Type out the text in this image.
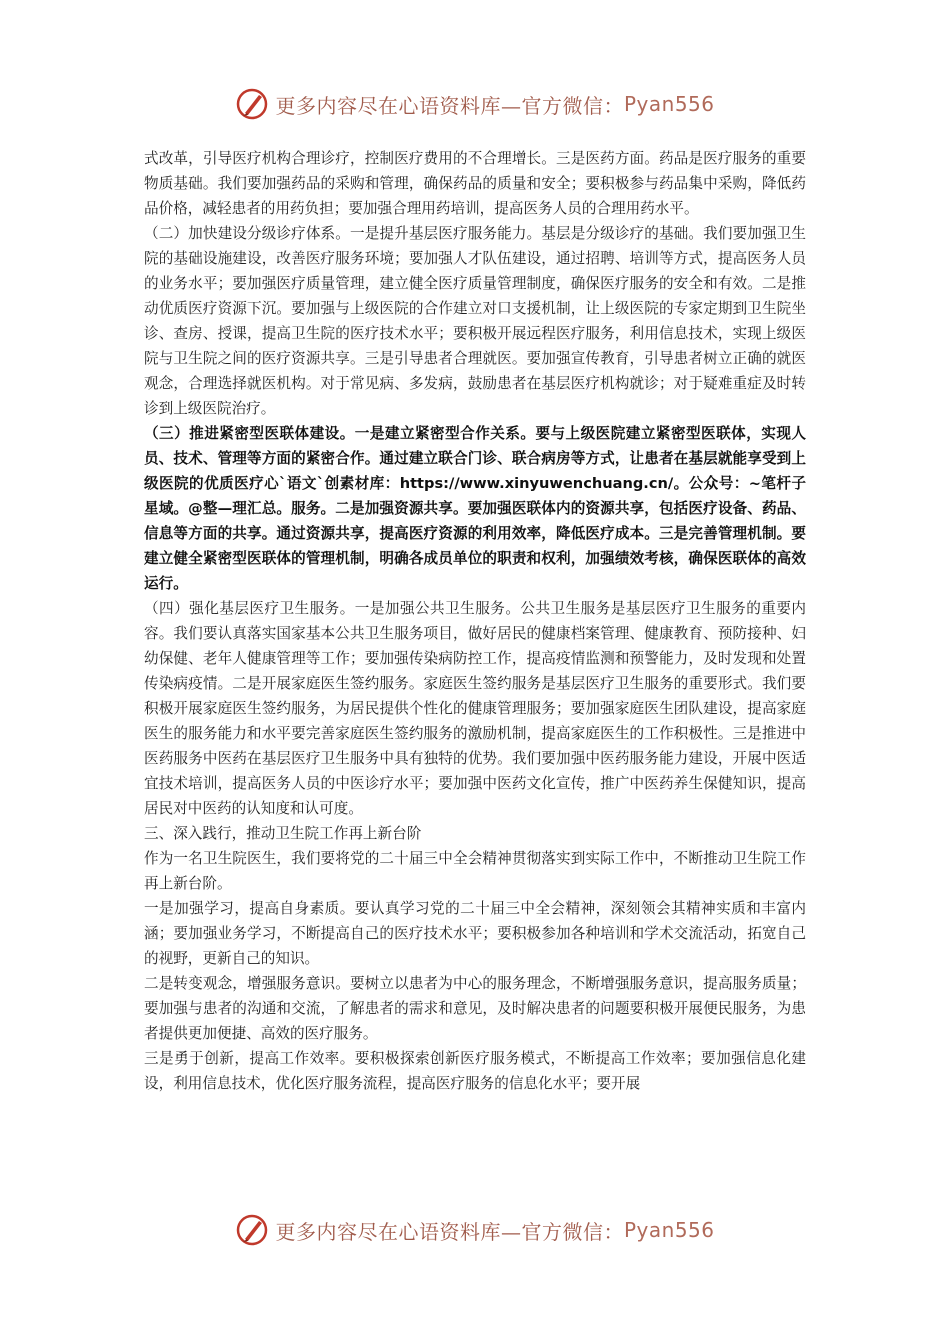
更多内容尽在心语资料库—官方微信： Pyan556

式改革，引导医疗机构合理诊疗，控制医疗费用的不合理增长。三是医药方面。药品是医疗服务的重要物质基础。我们要加强药品的采购和管理，确保药品的质量和安全；要积极参与药品集中采购，降低药品价格，减轻患者的用药负担；要加强合理用药培训，提高医务人员的合理用药水平。

（二）加快建设分级诊疗体系。一是提升基层医疗服务能力。基层是分级诊疗的基础。我们要加强卫生院的基础设施建设，改善医疗服务环境；要加强人才队伍建设，通过招聘、培训等方式，提高医务人员的业务水平；要加强医疗质量管理，建立健全医疗质量管理制度，确保医疗服务的安全和有效。二是推动优质医疗资源下沉。要加强与上级医院的合作建立对口支援机制，让上级医院的专家定期到卫生院坐诊、查房、授课，提高卫生院的医疗技术水平；要积极开展远程医疗服务，利用信息技术，实现上级医院与卫生院之间的医疗资源共享。三是引导患者合理就医。要加强宣传教育，引导患者树立正确的就医观念，合理选择就医机构。对于常见病、多发病，鼓励患者在基层医疗机构就诊；对于疑难重症及时转诊到上级医院治疗。

（三）推进紧密型医联体建设。一是建立紧密型合作关系。要与上级医院建立紧密型医联体，实现人员、技术、管理等方面的紧密合作。通过建立联合门诊、联合病房等方式，让患者在基层就能享受到上级医院的优质医疗心`语文`创素材库：https://www.xinyuwenchuang.cn/。公众号：~笔杆子星域。@整—理汇总。服务。二是加强资源共享。要加强医联体内的资源共享，包括医疗设备、药品、信息等方面的共享。通过资源共享，提高医疗资源的利用效率，降低医疗成本。三是完善管理机制。要建立健全紧密型医联体的管理机制，明确各成员单位的职责和权利，加强绩效考核，确保医联体的高效运行。

（四）强化基层医疗卫生服务。一是加强公共卫生服务。公共卫生服务是基层医疗卫生服务的重要内容。我们要认真落实国家基本公共卫生服务项目，做好居民的健康档案管理、健康教育、预防接种、妇幼保健、老年人健康管理等工作；要加强传染病防控工作，提高疫情监测和预警能力，及时发现和处置传染病疫情。二是开展家庭医生签约服务。家庭医生签约服务是基层医疗卫生服务的重要形式。我们要积极开展家庭医生签约服务，为居民提供个性化的健康管理服务；要加强家庭医生团队建设，提高家庭医生的服务能力和水平要完善家庭医生签约服务的激励机制，提高家庭医生的工作积极性。三是推进中医药服务中医药在基层医疗卫生服务中具有独特的优势。我们要加强中医药服务能力建设，开展中医适宜技术培训，提高医务人员的中医诊疗水平；要加强中医药文化宣传，推广中医药养生保健知识，提高居民对中医药的认知度和认可度。

三、深入践行，推动卫生院工作再上新台阶

作为一名卫生院医生，我们要将党的二十届三中全会精神贯彻落实到实际工作中，不断推动卫生院工作再上新台阶。

一是加强学习，提高自身素质。要认真学习党的二十届三中全会精神，深刻领会其精神实质和丰富内涵；要加强业务学习，不断提高自己的医疗技术水平；要积极参加各种培训和学术交流活动，拓宽自己的视野，更新自己的知识。

二是转变观念，增强服务意识。要树立以患者为中心的服务理念，不断增强服务意识，提高服务质量；要加强与患者的沟通和交流，了解患者的需求和意见，及时解决患者的问题要积极开展便民服务，为患者提供更加便捷、高效的医疗服务。

三是勇于创新，提高工作效率。要积极探索创新医疗服务模式，不断提高工作效率；要加强信息化建设，利用信息技术，优化医疗服务流程，提高医疗服务的信息化水平；要开展

更多内容尽在心语资料库—官方微信： Pyan556
